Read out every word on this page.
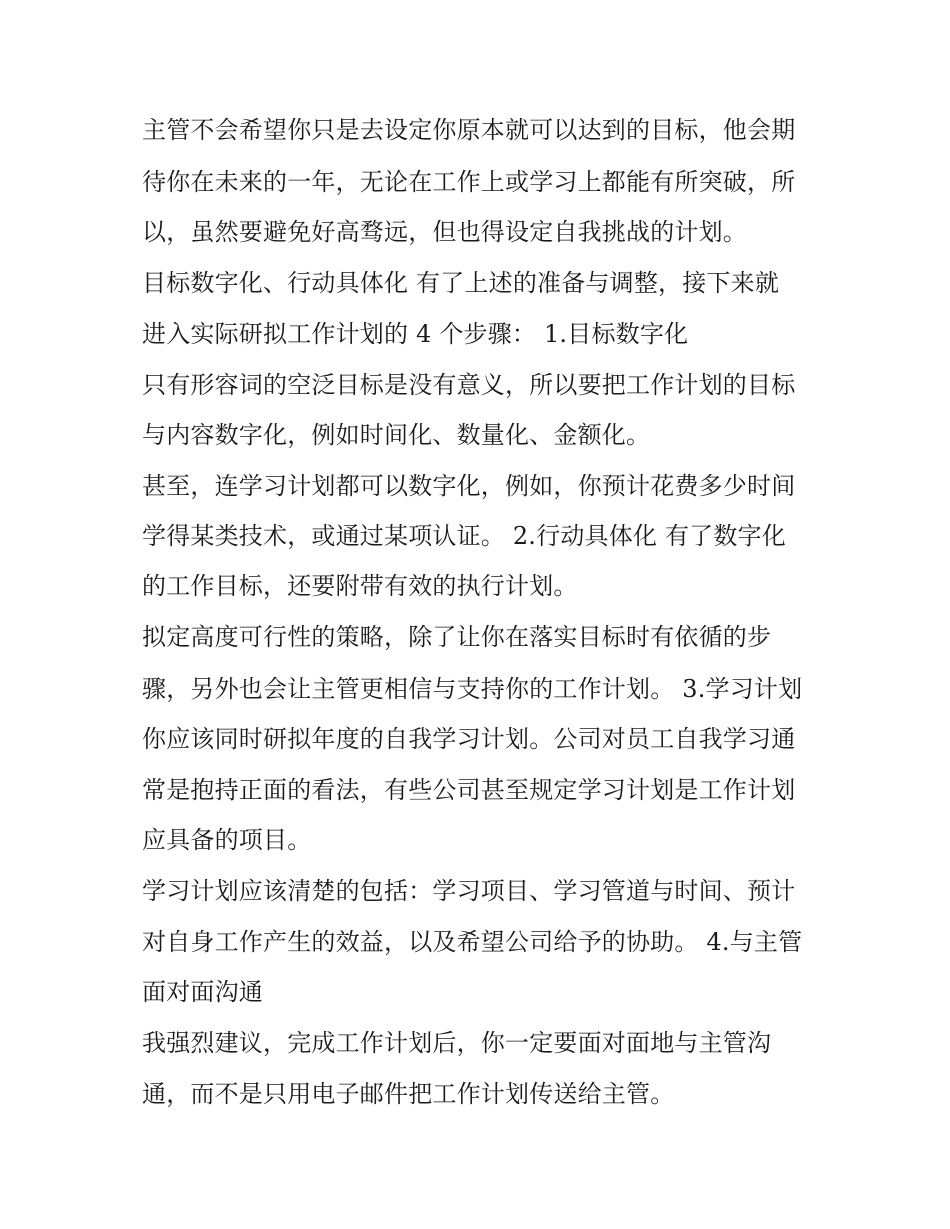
主管不会希望你只是去设定你原本就可以达到的目标，他会期
待你在未来的一年，无论在工作上或学习上都能有所突破，所
以，虽然要避免好高骛远，但也得设定自我挑战的计划。
目标数字化、行动具体化 有了上述的准备与调整，接下来就
进入实际研拟工作计划的 4 个步骤： 1.目标数字化
只有形容词的空泛目标是没有意义，所以要把工作计划的目标
与内容数字化，例如时间化、数量化、金额化。
甚至，连学习计划都可以数字化，例如，你预计花费多少时间
学得某类技术，或通过某项认证。 2.行动具体化 有了数字化
的工作目标，还要附带有效的执行计划。
拟定高度可行性的策略，除了让你在落实目标时有依循的步
骤，另外也会让主管更相信与支持你的工作计划。 3.学习计划
你应该同时研拟年度的自我学习计划。公司对员工自我学习通
常是抱持正面的看法，有些公司甚至规定学习计划是工作计划
应具备的项目。
学习计划应该清楚的包括：学习项目、学习管道与时间、预计
对自身工作产生的效益，以及希望公司给予的协助。 4.与主管
面对面沟通
我强烈建议，完成工作计划后，你一定要面对面地与主管沟
通，而不是只用电子邮件把工作计划传送给主管。
